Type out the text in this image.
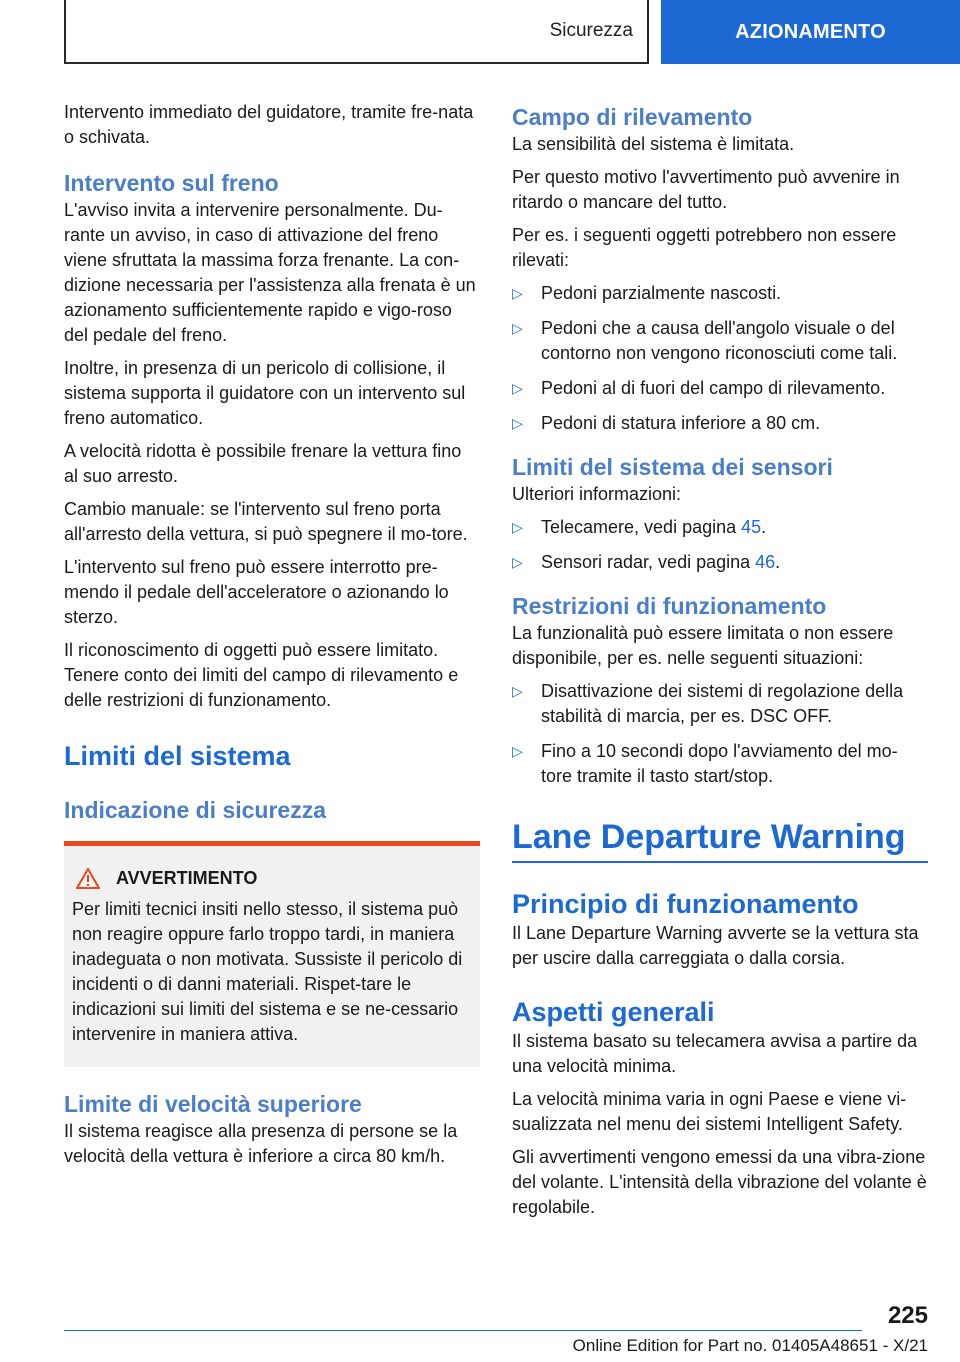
Sicurezza	AZIONAMENTO

Intervento immediato del guidatore, tramite fre-nata o schivata.

Intervento sul freno

L'avviso invita a intervenire personalmente. Du-rante un avviso, in caso di attivazione del freno viene sfruttata la massima forza frenante. La con-dizione necessaria per l'assistenza alla frenata è un azionamento sufficientemente rapido e vigo-roso del pedale del freno.

Inoltre, in presenza di un pericolo di collisione, il sistema supporta il guidatore con un intervento sul freno automatico.

A velocità ridotta è possibile frenare la vettura fino al suo arresto.

Cambio manuale: se l'intervento sul freno porta all'arresto della vettura, si può spegnere il mo-tore.

L'intervento sul freno può essere interrotto pre-mendo il pedale dell'acceleratore o azionando lo sterzo.

Il riconoscimento di oggetti può essere limitato. Tenere conto dei limiti del campo di rilevamento e delle restrizioni di funzionamento.

Limiti del sistema
Indicazione di sicurezza
AVVERTIMENTO

Per limiti tecnici insiti nello stesso, il sistema può non reagire oppure farlo troppo tardi, in maniera inadeguata o non motivata. Sussiste il pericolo di incidenti o di danni materiali. Rispet-tare le indicazioni sui limiti del sistema e se ne-cessario intervenire in maniera attiva.

Limite di velocità superiore

Il sistema reagisce alla presenza di persone se la velocità della vettura è inferiore a circa 80 km/h.

Campo di rilevamento

La sensibilità del sistema è limitata.

Per questo motivo l'avvertimento può avvenire in ritardo o mancare del tutto.

Per es. i seguenti oggetti potrebbero non essere rilevati:

▷ Pedoni parzialmente nascosti.
▷ Pedoni che a causa dell'angolo visuale o del contorno non vengono riconosciuti come tali.
▷ Pedoni al di fuori del campo di rilevamento.
▷ Pedoni di statura inferiore a 80 cm.
Limiti del sistema dei sensori

Ulteriori informazioni:

▷ Telecamere, vedi pagina 45.
▷ Sensori radar, vedi pagina 46.
Restrizioni di funzionamento

La funzionalità può essere limitata o non essere disponibile, per es. nelle seguenti situazioni:

▷ Disattivazione dei sistemi di regolazione della stabilità di marcia, per es. DSC OFF.
▷ Fino a 10 secondi dopo l'avviamento del mo-tore tramite il tasto start/stop.
Lane Departure Warning
Principio di funzionamento

Il Lane Departure Warning avverte se la vettura sta per uscire dalla carreggiata o dalla corsia.

Aspetti generali

Il sistema basato su telecamera avvisa a partire da una velocità minima.

La velocità minima varia in ogni Paese e viene vi-sualizzata nel menu dei sistemi Intelligent Safety.

Gli avvertimenti vengono emessi da una vibra-zione del volante. L'intensità della vibrazione del volante è regolabile.

225
Online Edition for Part no. 01405A48651 - X/21
